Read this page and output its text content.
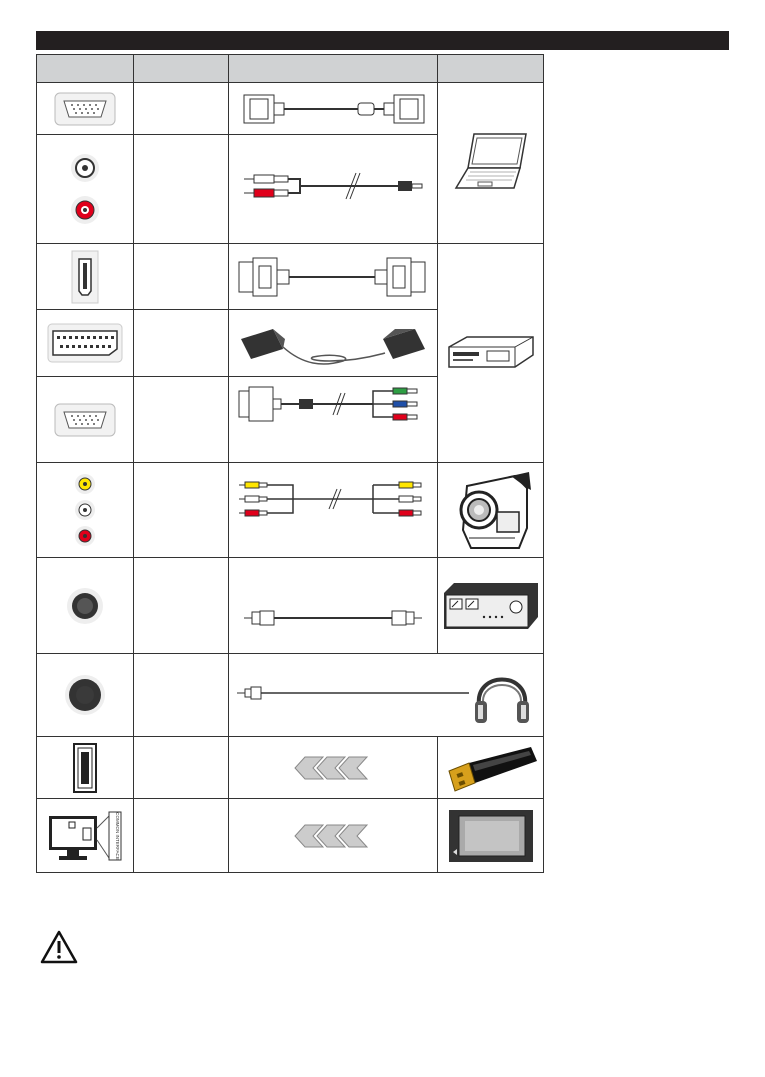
COMMON INTERFACE
